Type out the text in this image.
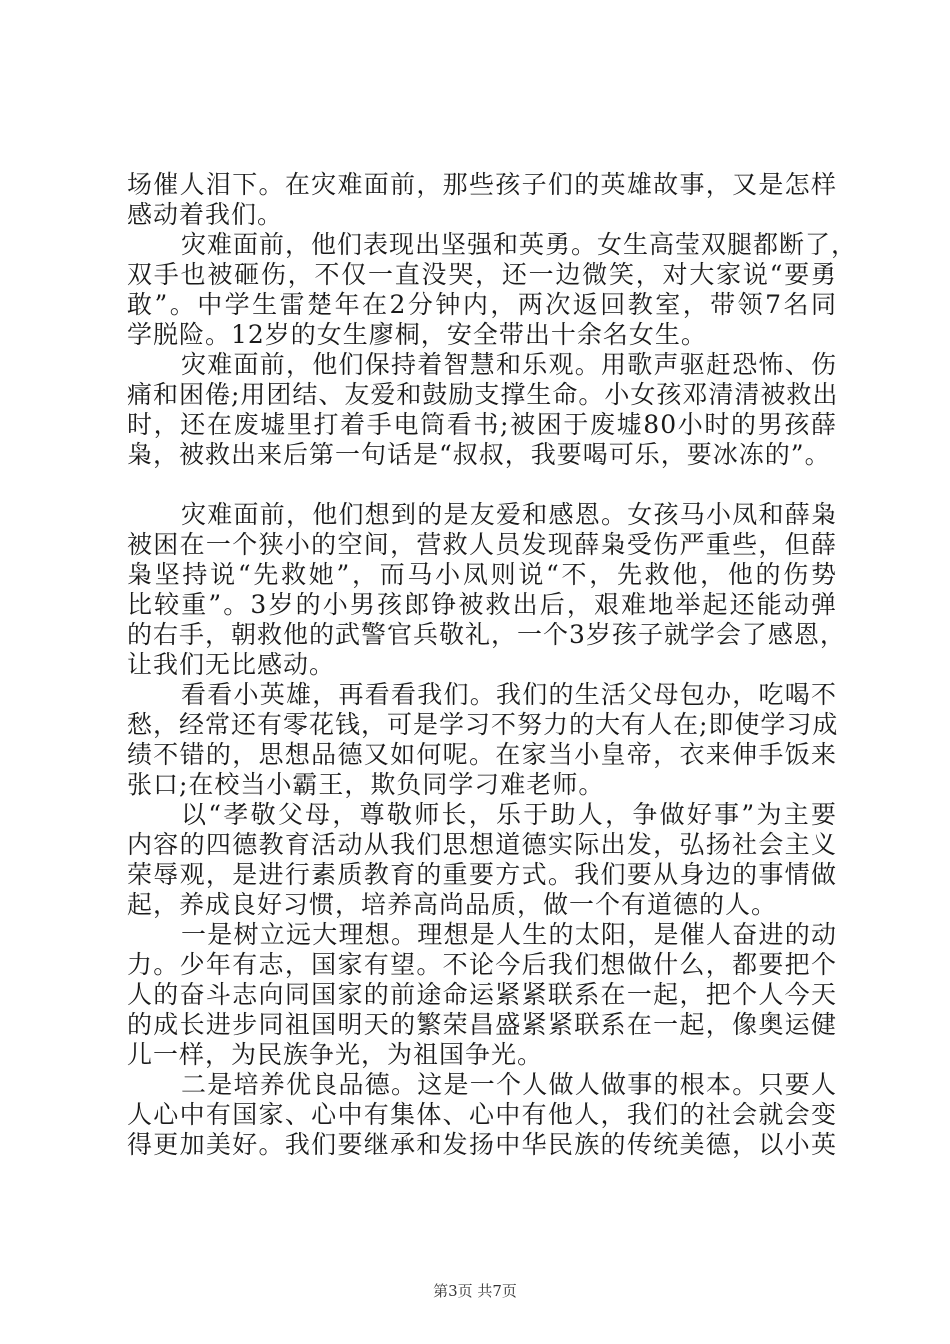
场催人泪下。在灾难面前，那些孩子们的英雄故事，又是怎样
感动着我们。
灾难面前，他们表现出坚强和英勇。女生高莹双腿都断了，
双手也被砸伤，不仅一直没哭，还一边微笑，对大家说“要勇
敢”。中学生雷楚年在2分钟内，两次返回教室，带领7名同
学脱险。12岁的女生廖桐，安全带出十余名女生。
灾难面前，他们保持着智慧和乐观。用歌声驱赶恐怖、伤
痛和困倦;用团结、友爱和鼓励支撑生命。小女孩邓清清被救出
时，还在废墟里打着手电筒看书;被困于废墟80小时的男孩薛
枭，被救出来后第一句话是“叔叔，我要喝可乐，要冰冻的”。
灾难面前，他们想到的是友爱和感恩。女孩马小凤和薛枭
被困在一个狭小的空间，营救人员发现薛枭受伤严重些，但薛
枭坚持说“先救她”，而马小凤则说“不，先救他，他的伤势
比较重”。3岁的小男孩郎铮被救出后，艰难地举起还能动弹
的右手，朝救他的武警官兵敬礼，一个3岁孩子就学会了感恩，
让我们无比感动。
看看小英雄，再看看我们。我们的生活父母包办，吃喝不
愁，经常还有零花钱，可是学习不努力的大有人在;即使学习成
绩不错的，思想品德又如何呢。在家当小皇帝，衣来伸手饭来
张口;在校当小霸王，欺负同学刁难老师。
以“孝敬父母，尊敬师长，乐于助人，争做好事”为主要
内容的四德教育活动从我们思想道德实际出发，弘扬社会主义
荣辱观，是进行素质教育的重要方式。我们要从身边的事情做
起，养成良好习惯，培养高尚品质，做一个有道德的人。
一是树立远大理想。理想是人生的太阳，是催人奋进的动
力。少年有志，国家有望。不论今后我们想做什么，都要把个
人的奋斗志向同国家的前途命运紧紧联系在一起，把个人今天
的成长进步同祖国明天的繁荣昌盛紧紧联系在一起，像奥运健
儿一样，为民族争光，为祖国争光。
二是培养优良品德。这是一个人做人做事的根本。只要人
人心中有国家、心中有集体、心中有他人，我们的社会就会变
得更加美好。我们要继承和发扬中华民族的传统美德，以小英
第3页 共7页
